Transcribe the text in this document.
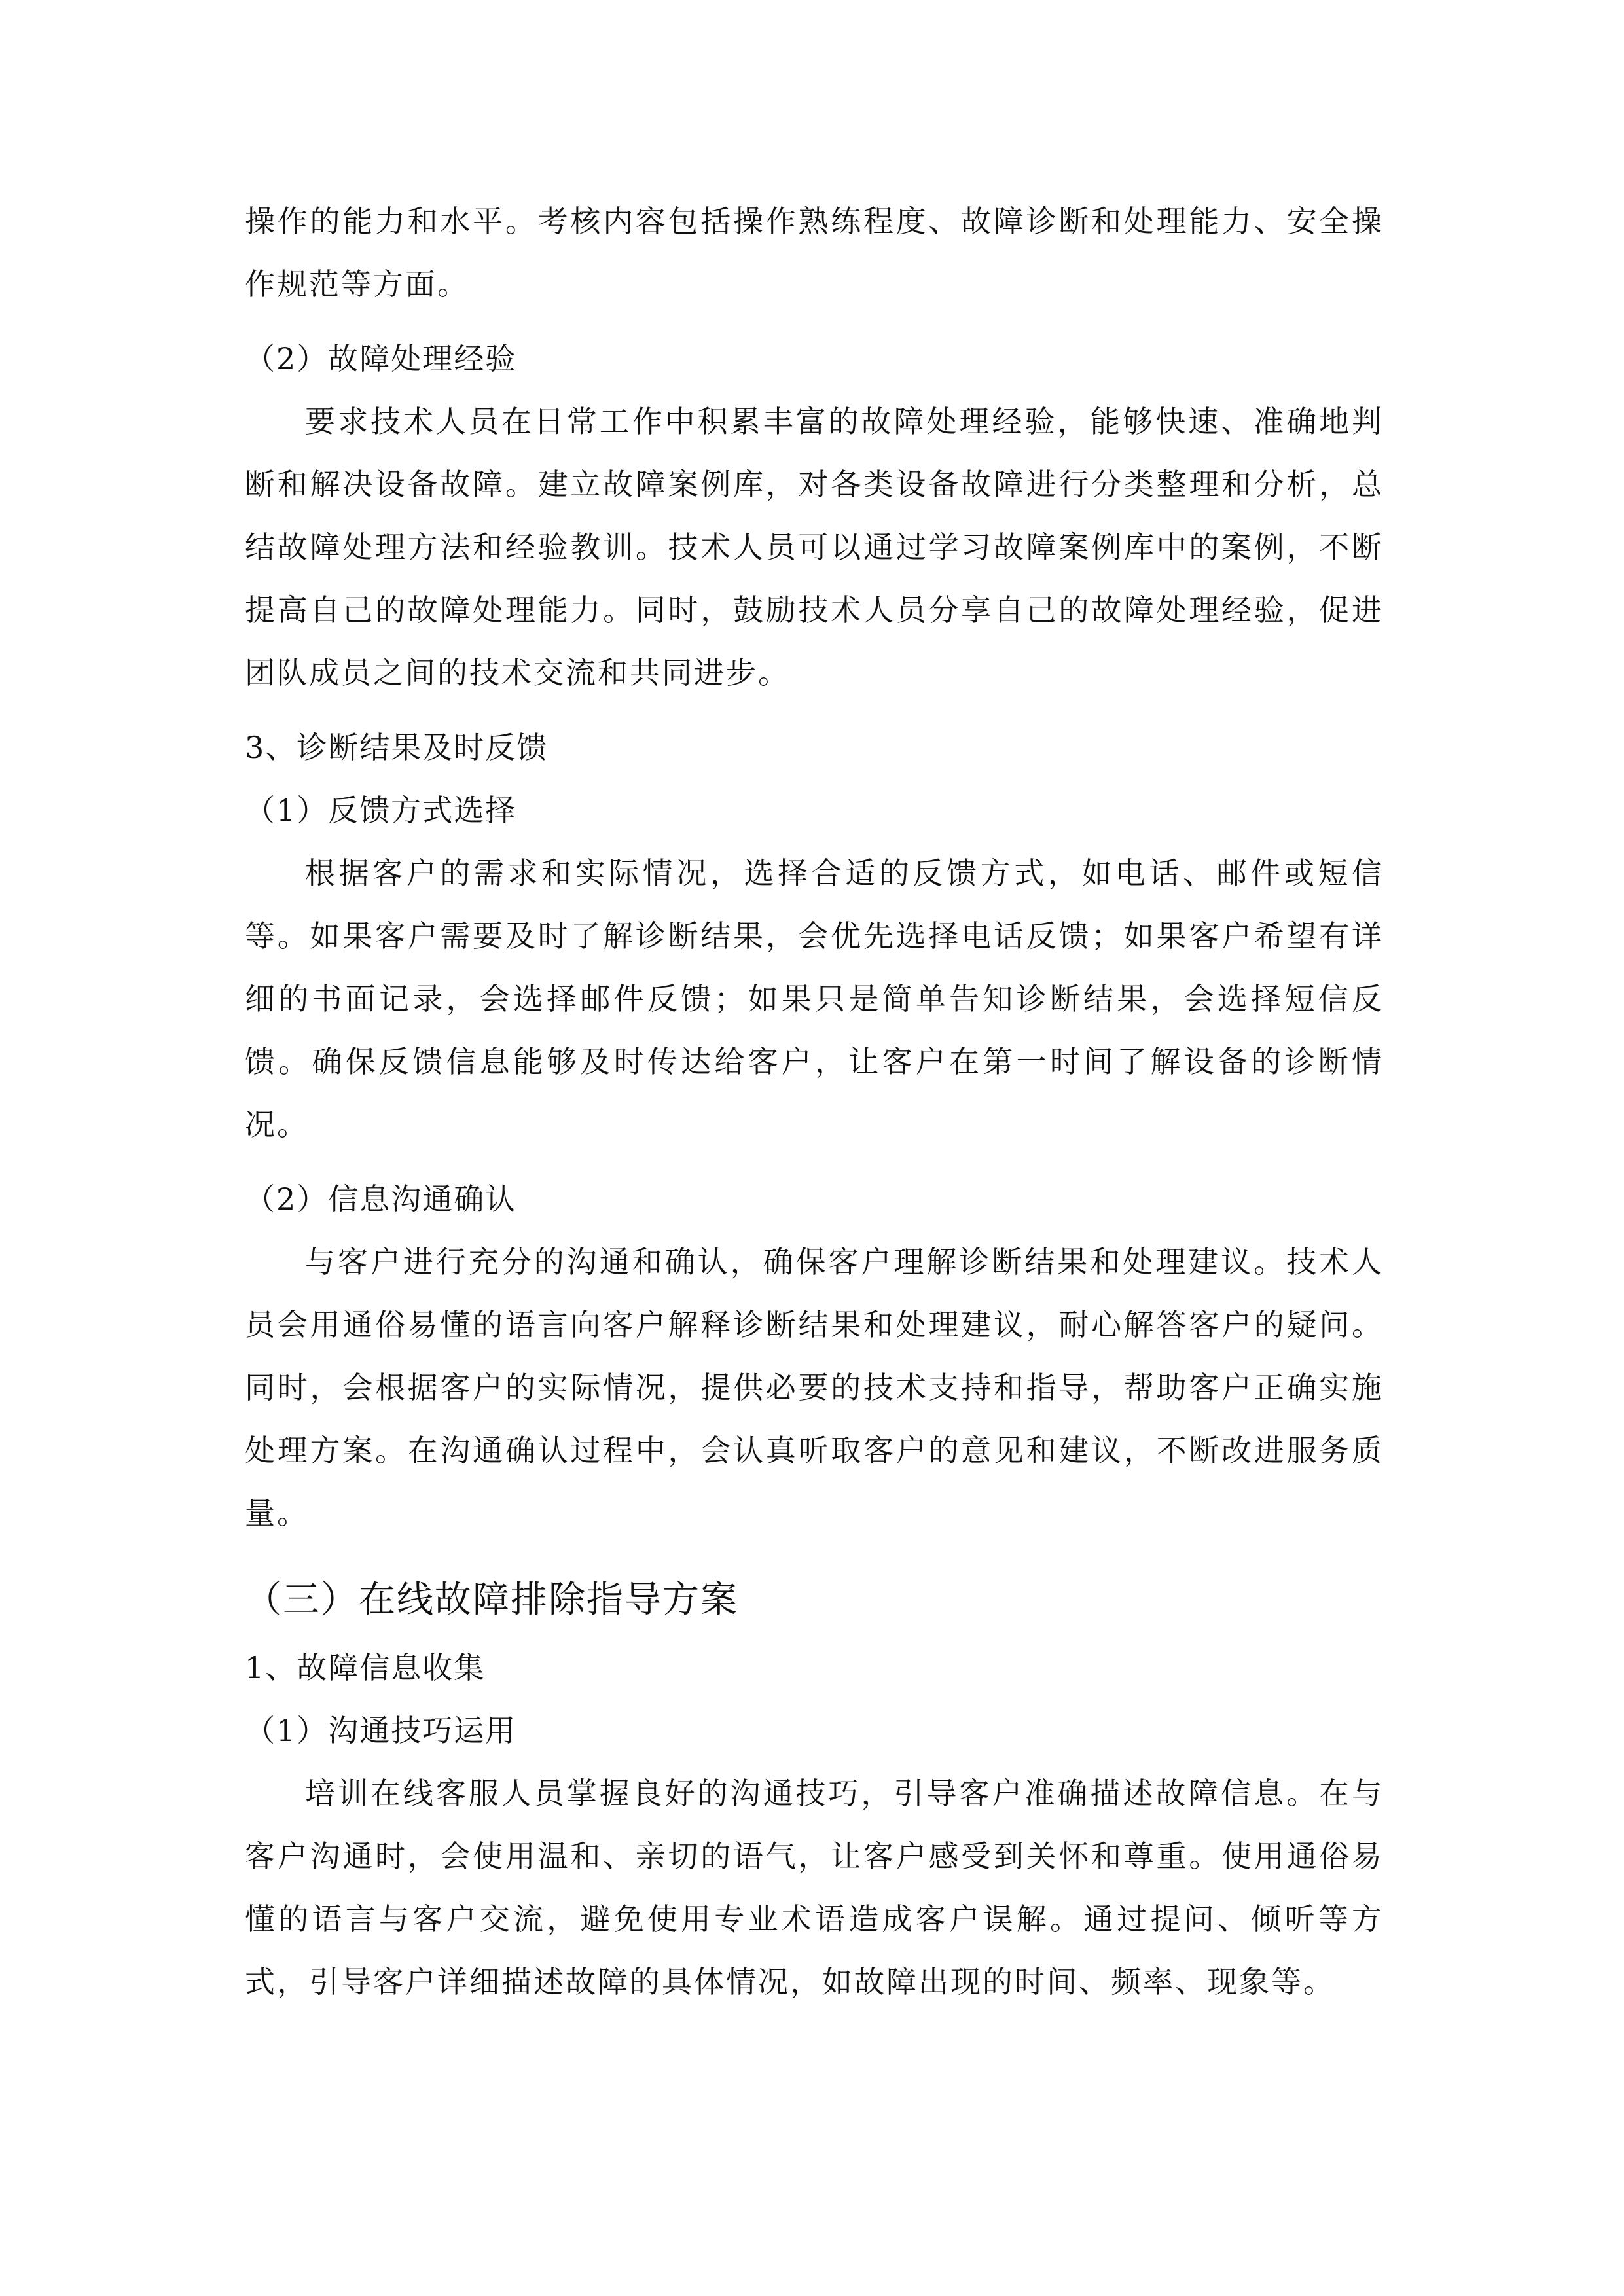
操作的能力和水平。考核内容包括操作熟练程度、故障诊断和处理能力、安全操作规范等方面。

（2）故障处理经验

要求技术人员在日常工作中积累丰富的故障处理经验，能够快速、准确地判断和解决设备故障。建立故障案例库，对各类设备故障进行分类整理和分析，总结故障处理方法和经验教训。技术人员可以通过学习故障案例库中的案例，不断提高自己的故障处理能力。同时，鼓励技术人员分享自己的故障处理经验，促进团队成员之间的技术交流和共同进步。

3、诊断结果及时反馈

（1）反馈方式选择

根据客户的需求和实际情况，选择合适的反馈方式，如电话、邮件或短信等。如果客户需要及时了解诊断结果，会优先选择电话反馈；如果客户希望有详细的书面记录，会选择邮件反馈；如果只是简单告知诊断结果，会选择短信反馈。确保反馈信息能够及时传达给客户，让客户在第一时间了解设备的诊断情况。

（2）信息沟通确认

与客户进行充分的沟通和确认，确保客户理解诊断结果和处理建议。技术人员会用通俗易懂的语言向客户解释诊断结果和处理建议，耐心解答客户的疑问。同时，会根据客户的实际情况，提供必要的技术支持和指导，帮助客户正确实施处理方案。在沟通确认过程中，会认真听取客户的意见和建议，不断改进服务质量。

（三）在线故障排除指导方案

1、故障信息收集

（1）沟通技巧运用

培训在线客服人员掌握良好的沟通技巧，引导客户准确描述故障信息。在与客户沟通时，会使用温和、亲切的语气，让客户感受到关怀和尊重。使用通俗易懂的语言与客户交流，避免使用专业术语造成客户误解。通过提问、倾听等方式，引导客户详细描述故障的具体情况，如故障出现的时间、频率、现象等。
